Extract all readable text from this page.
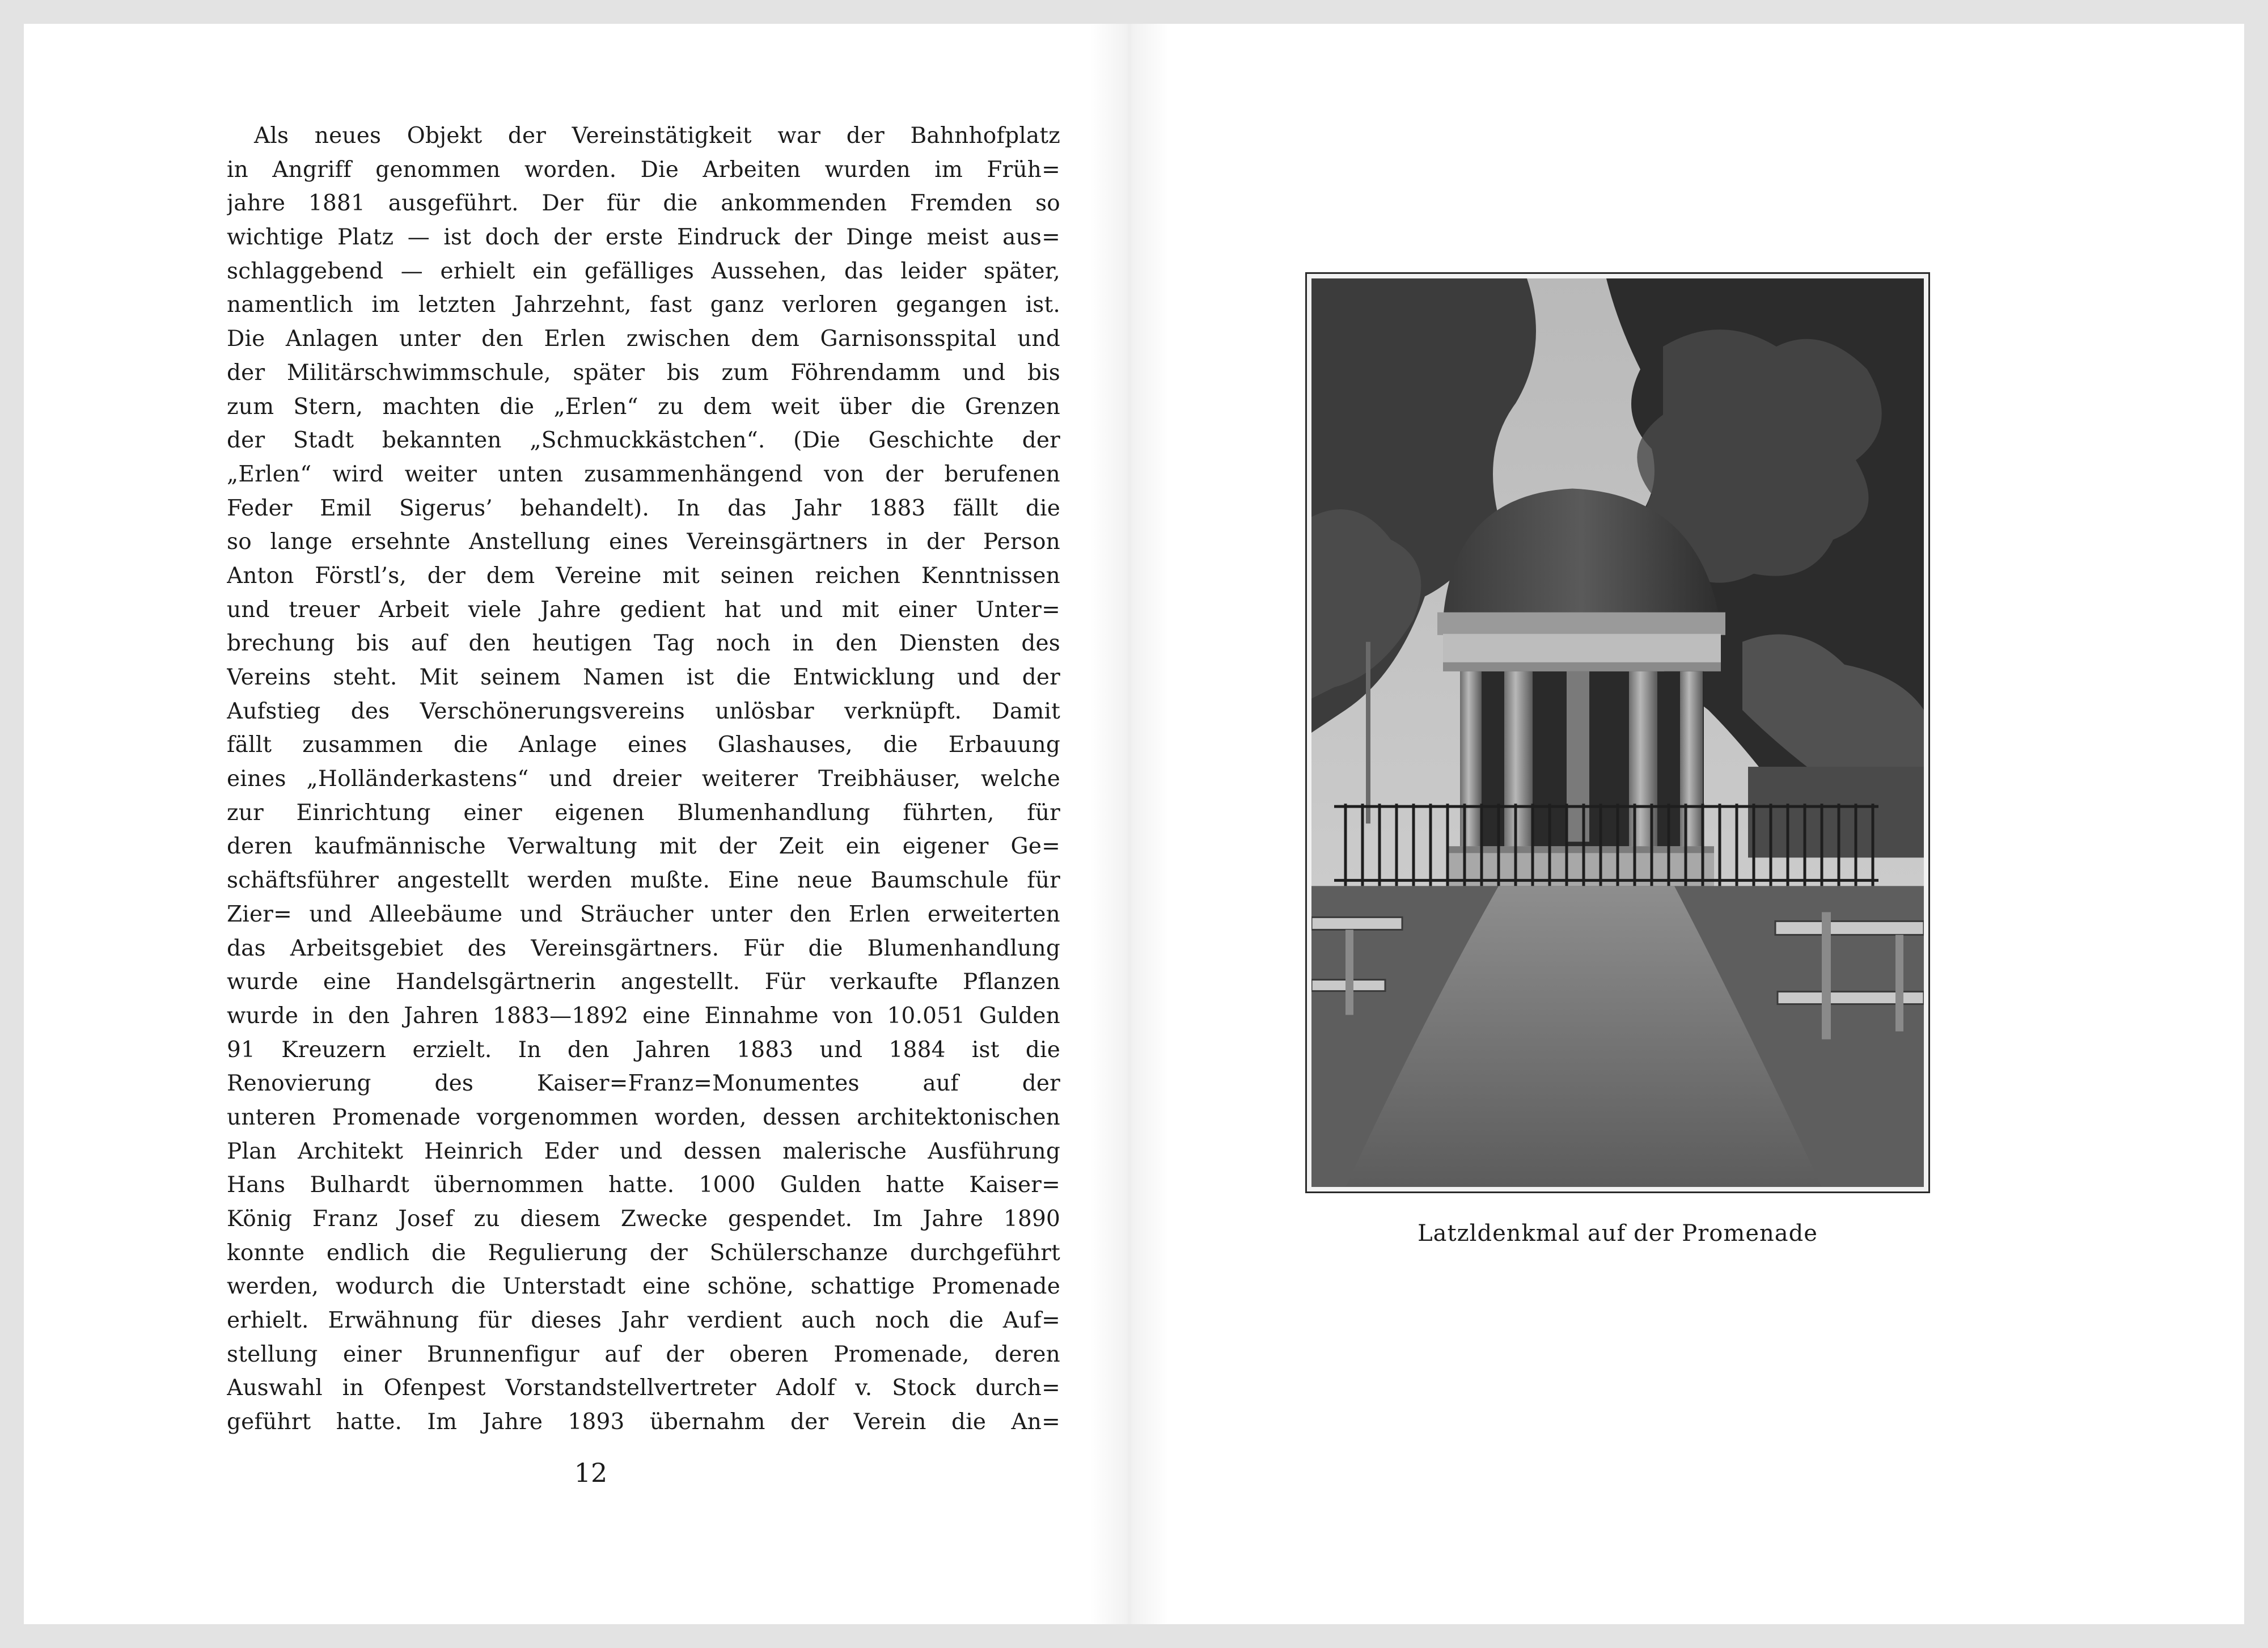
Als neues Objekt der Vereinstätigkeit war der Bahnhofplatz
in Angriff genommen worden. Die Arbeiten wurden im Früh=
jahre 1881 ausgeführt. Der für die ankommenden Fremden so
wichtige Platz — ist doch der erste Eindruck der Dinge meist aus=
schlaggebend — erhielt ein gefälliges Aussehen, das leider später,
namentlich im letzten Jahrzehnt, fast ganz verloren gegangen ist.
Die Anlagen unter den Erlen zwischen dem Garnisonsspital und
der Militärschwimmschule, später bis zum Föhrendamm und bis
zum Stern, machten die „Erlen“ zu dem weit über die Grenzen
der Stadt bekannten „Schmuckkästchen“. (Die Geschichte der
„Erlen“ wird weiter unten zusammenhängend von der berufenen
Feder Emil Sigerus’ behandelt). In das Jahr 1883 fällt die
so lange ersehnte Anstellung eines Vereinsgärtners in der Person
Anton Förstl’s, der dem Vereine mit seinen reichen Kenntnissen
und treuer Arbeit viele Jahre gedient hat und mit einer Unter=
brechung bis auf den heutigen Tag noch in den Diensten des
Vereins steht. Mit seinem Namen ist die Entwicklung und der
Aufstieg des Verschönerungsvereins unlösbar verknüpft. Damit
fällt zusammen die Anlage eines Glashauses, die Erbauung
eines „Holländerkastens“ und dreier weiterer Treibhäuser, welche
zur Einrichtung einer eigenen Blumenhandlung führten, für
deren kaufmännische Verwaltung mit der Zeit ein eigener Ge=
schäftsführer angestellt werden mußte. Eine neue Baumschule für
Zier= und Alleebäume und Sträucher unter den Erlen erweiterten
das Arbeitsgebiet des Vereinsgärtners. Für die Blumenhandlung
wurde eine Handelsgärtnerin angestellt. Für verkaufte Pflanzen
wurde in den Jahren 1883—1892 eine Einnahme von 10.051 Gulden
91 Kreuzern erzielt. In den Jahren 1883 und 1884 ist die
Renovierung des Kaiser=Franz=Monumentes auf der
unteren Promenade vorgenommen worden, dessen architektonischen
Plan Architekt Heinrich Eder und dessen malerische Ausführung
Hans Bulhardt übernommen hatte. 1000 Gulden hatte Kaiser=
König Franz Josef zu diesem Zwecke gespendet. Im Jahre 1890
konnte endlich die Regulierung der Schülerschanze durchgeführt
werden, wodurch die Unterstadt eine schöne, schattige Promenade
erhielt. Erwähnung für dieses Jahr verdient auch noch die Auf=
stellung einer Brunnenfigur auf der oberen Promenade, deren
Auswahl in Ofenpest Vorstandstellvertreter Adolf v. Stock durch=
geführt hatte. Im Jahre 1893 übernahm der Verein die An=
12
Latzldenkmal auf der Promenade
